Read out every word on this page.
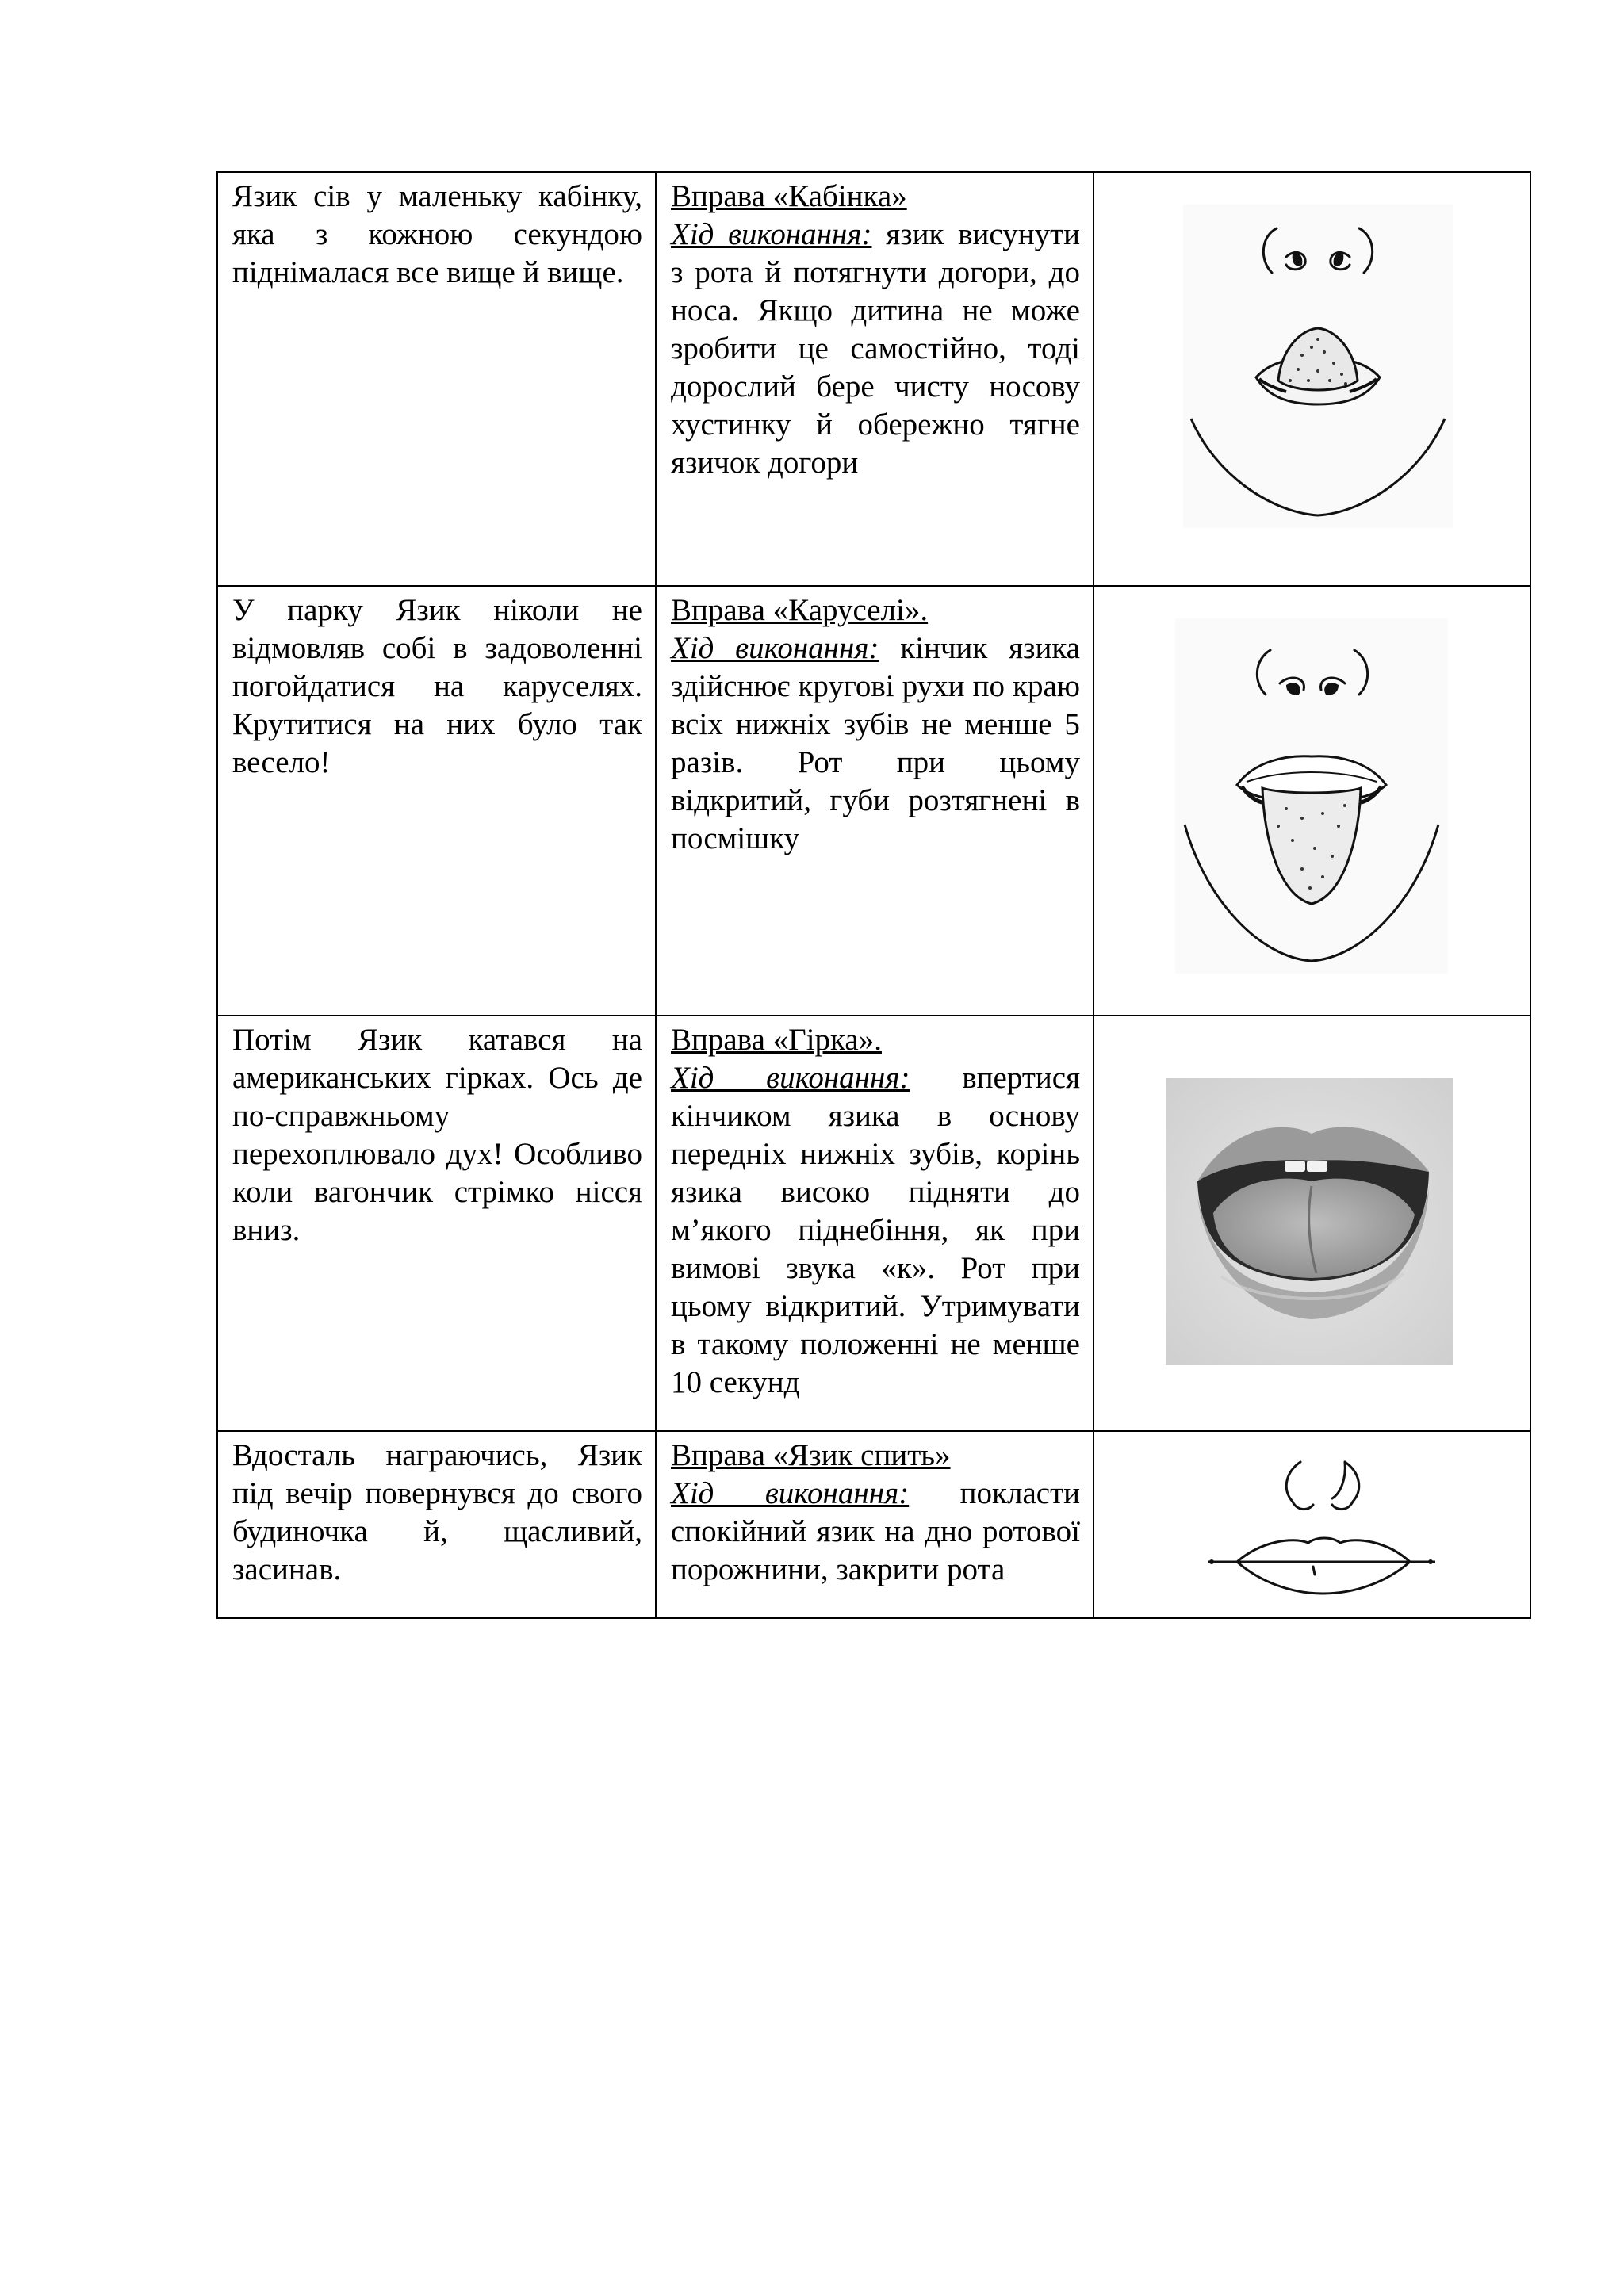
Язик сів у маленьку кабінку, яка з кожною секундою піднімалася все вище й вище.	Вправа «Кабінка»
Хід виконання: язик висунути з рота й потягнути догори, до носа. Якщо дитина не може зробити це самостійно, тоді дорослий бере чисту носову хустинку й обережно тягне язичок догори	

У парку Язик ніколи не відмовляв собі в задоволенні погойдатися на каруселях. Крутитися на них було так весело!	Вправа «Каруселі».
Хід виконання: кінчик язика здійснює кругові рухи по краю всіх нижніх зубів не менше 5 разів. Рот при цьому відкритий, губи розтягнені в посмішку	

Потім Язик катався на американських гірках. Ось де по-справжньому перехоплювало дух! Особливо коли вагончик стрімко нісся вниз.	Вправа «Гірка».
Хід виконання: впертися кінчиком язика в основу передніх нижніх зубів, корінь язика високо підняти до м’якого піднебіння, як при вимові звука «к». Рот при цьому відкритий. Утримувати в такому положенні не менше 10 секунд	

Вдосталь награючись, Язик під вечір повернувся до свого будиночка й, щасливий, засинав.	Вправа «Язик спить»
Хід виконання: покласти спокійний язик на дно ротової порожнини, закрити рота	
